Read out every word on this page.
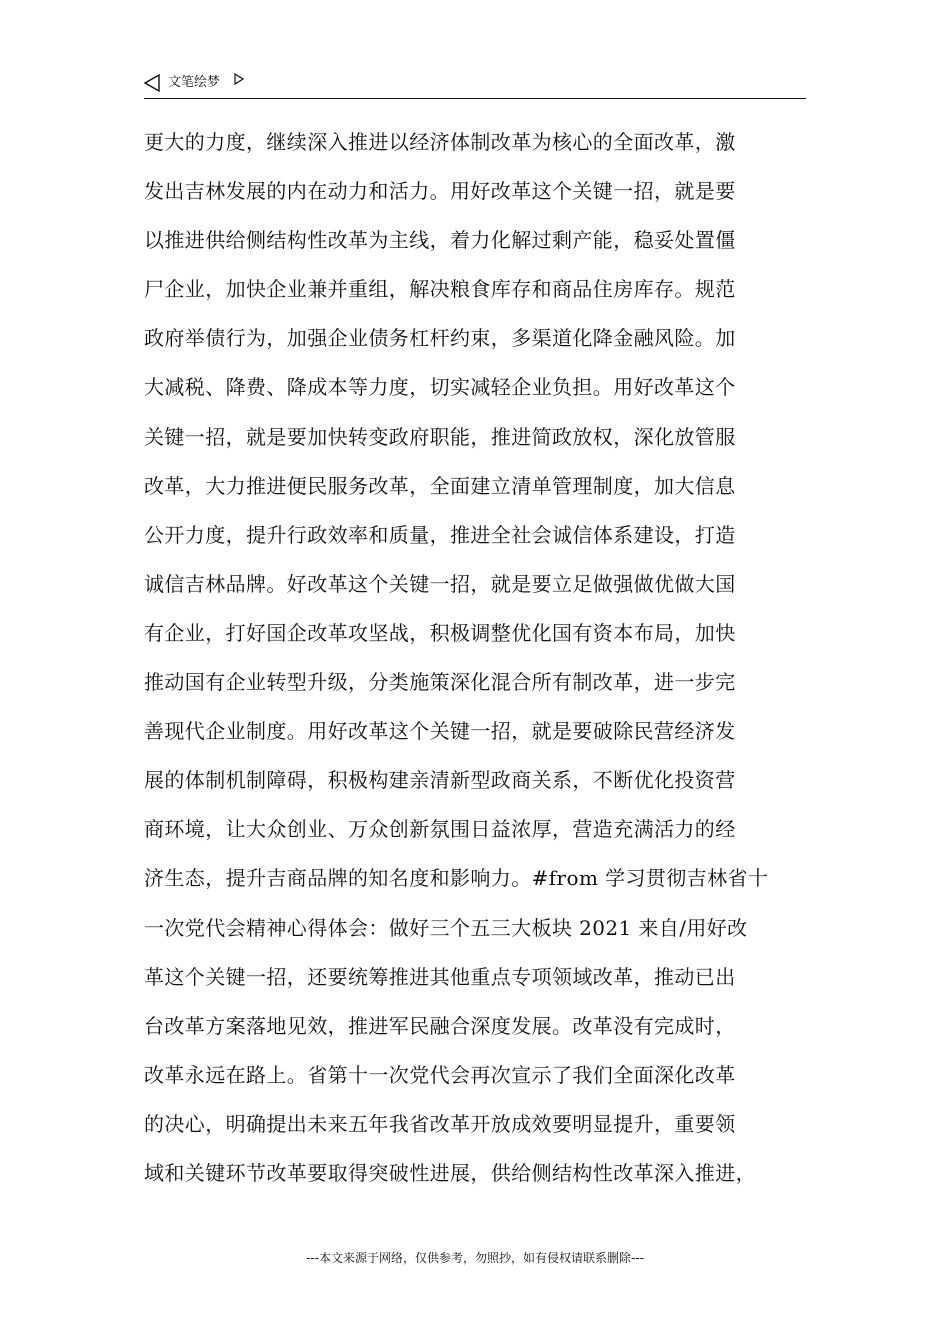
文笔绘梦
更大的力度，继续深入推进以经济体制改革为核心的全面改革，激
发出吉林发展的内在动力和活力。用好改革这个关键一招，就是要
以推进供给侧结构性改革为主线，着力化解过剩产能，稳妥处置僵
尸企业，加快企业兼并重组，解决粮食库存和商品住房库存。规范
政府举债行为，加强企业债务杠杆约束，多渠道化降金融风险。加
大减税、降费、降成本等力度，切实减轻企业负担。用好改革这个
关键一招，就是要加快转变政府职能，推进简政放权，深化放管服
改革，大力推进便民服务改革，全面建立清单管理制度，加大信息
公开力度，提升行政效率和质量，推进全社会诚信体系建设，打造
诚信吉林品牌。好改革这个关键一招，就是要立足做强做优做大国
有企业，打好国企改革攻坚战，积极调整优化国有资本布局，加快
推动国有企业转型升级，分类施策深化混合所有制改革，进一步完
善现代企业制度。用好改革这个关键一招，就是要破除民营经济发
展的体制机制障碍，积极构建亲清新型政商关系，不断优化投资营
商环境，让大众创业、万众创新氛围日益浓厚，营造充满活力的经
济生态，提升吉商品牌的知名度和影响力。#from 学习贯彻吉林省十
一次党代会精神心得体会：做好三个五三大板块 2021 来自/用好改
革这个关键一招，还要统筹推进其他重点专项领域改革，推动已出
台改革方案落地见效，推进军民融合深度发展。改革没有完成时，
改革永远在路上。省第十一次党代会再次宣示了我们全面深化改革
的决心，明确提出未来五年我省改革开放成效要明显提升，重要领
域和关键环节改革要取得突破性进展，供给侧结构性改革深入推进，
---本文来源于网络，仅供参考，勿照抄，如有侵权请联系删除---
